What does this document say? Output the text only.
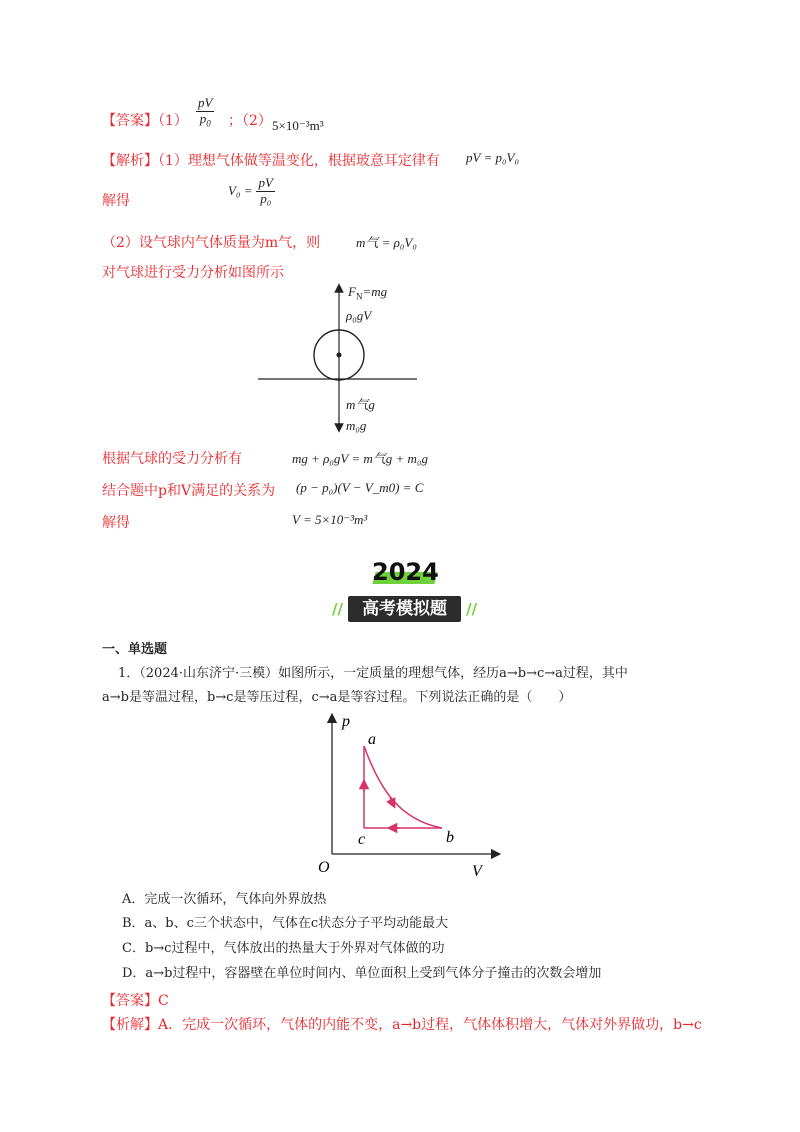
【答案】$(1) \frac{pV}{p_0}$ ；（2） 5×10⁻³m³
【解析】（1）理想气体做等温变化，根据玻意耳定律有 pV = p₀V₀
解得
$V_0 = \frac{pV}{\text{p₀}}$
（2）设气球内气体质量为m气，则	m气 = ρ₀V₀
对气球进行受力分析如图所示
$F_N=mg$
ρ₀gV
m气g
m₀g
根据气球的受力分析有	mg + ρ₀gV = m气g + m₀g
结合题中p和V满足的关系为 (p − p₀)(V − V_m0) = C
解得	V = 5×10⁻³m³
2024
// 高考模拟题 //
一、单选题
1．（2024·山东济宁·三模）如图所示，一定质量的理想气体，经历a→b→c→a过程，其中
a→b是等温过程，b→c是等压过程，c→a是等容过程。下列说法正确的是（　　）
p
V
O
a
b
c
A．完成一次循环，气体向外界放热
B．a、b、c三个状态中，气体在c状态分子平均动能最大
C．b→c过程中，气体放出的热量大于外界对气体做的功
D．a→b过程中，容器壁在单位时间内、单位面积上受到气体分子撞击的次数会增加
【答案】C
【析解】A．完成一次循环，气体的内能不变，a→b过程，气体体积增大，气体对外界做功，b→c
